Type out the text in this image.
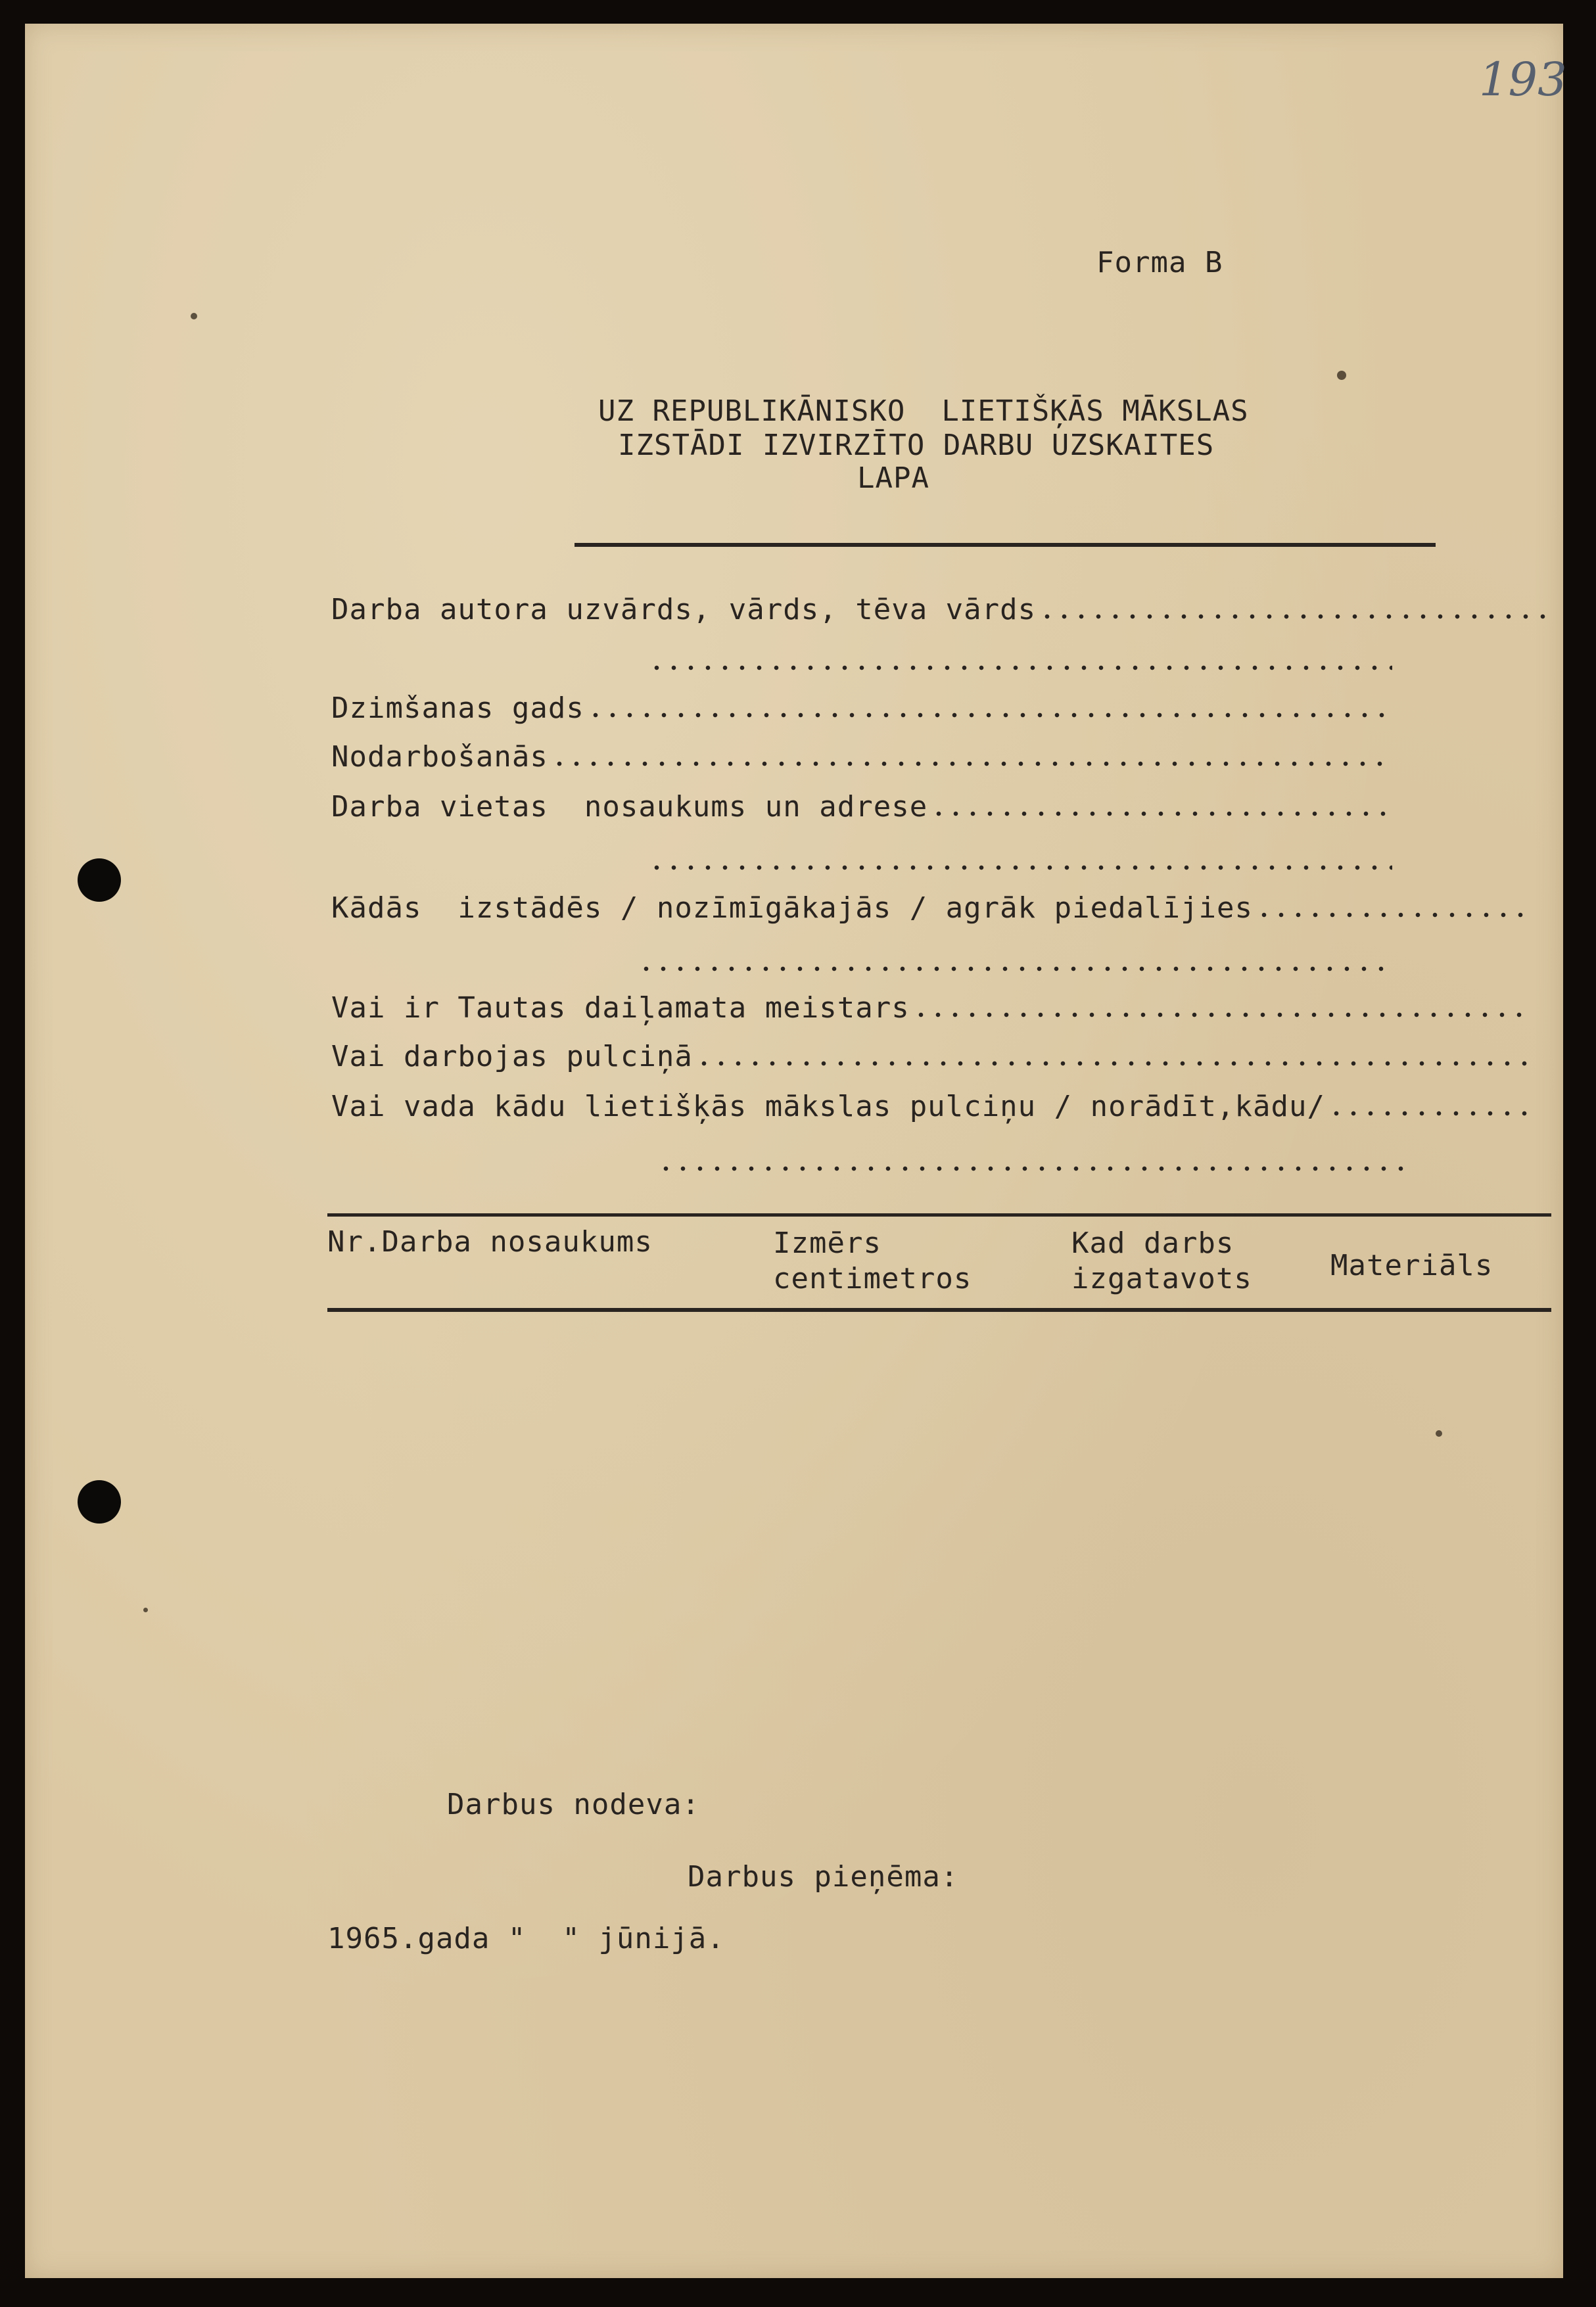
193
Forma B
UZ REPUBLIKĀNISKO  LIETIŠĶĀS MĀKSLAS
IZSTĀDI IZVIRZĪTO DARBU UZSKAITES
LAPA
Darba autora uzvārds, vārds, tēva vārds
Dzimšanas gads
Nodarbošanās
Darba vietas  nosaukums un adrese
Kādās  izstādēs / nozīmīgākajās / agrāk piedalījies
Vai ir Tautas daiļamata meistars
Vai darbojas pulciņā
Vai vada kādu lietišķās mākslas pulciņu / norādīt,kādu/
Nr.Darba nosaukums	Izmērs
centimetros
Kad darbs
izgatavots	Materiāls
Darbus nodeva:
Darbus pieņēma:
1965.gada "  " jūnijā.
